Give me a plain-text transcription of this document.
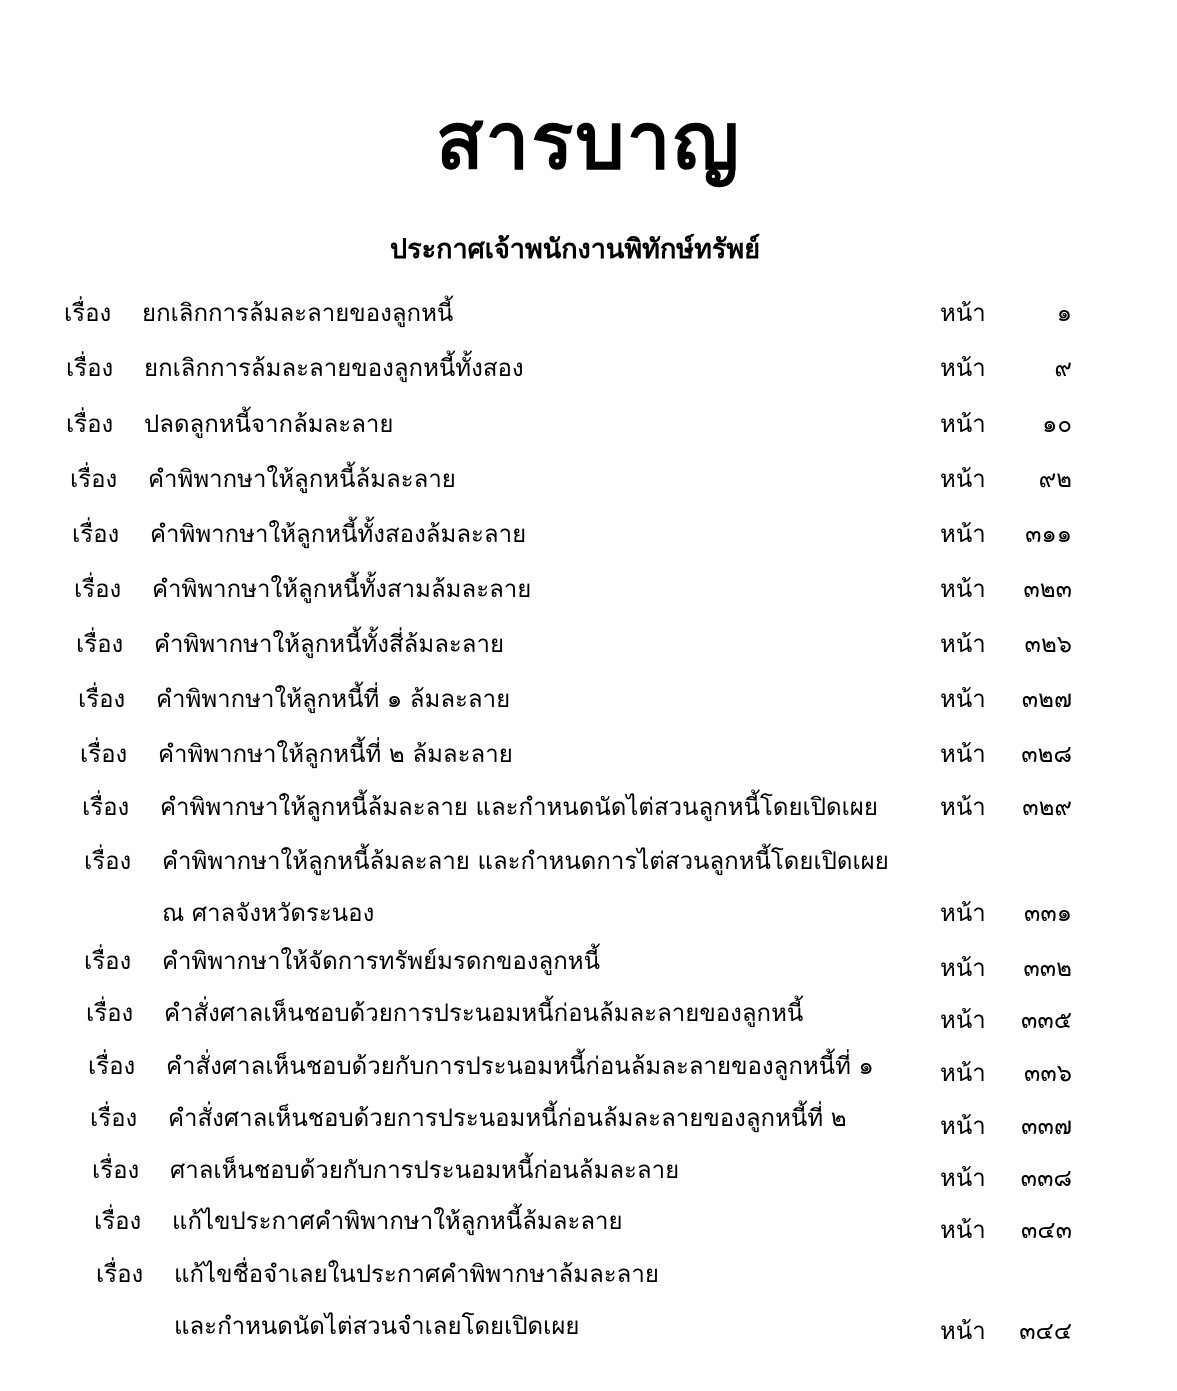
สารบาญ
ประกาศเจ้าพนักงานพิทักษ์ทรัพย์
เรื่อง ยกเลิกการล้มละลายของลูกหนี้	หน้า	๑
เรื่อง ยกเลิกการล้มละลายของลูกหนี้ทั้งสอง	หน้า	๙
เรื่อง ปลดลูกหนี้จากล้มละลาย	หน้า	๑๐
เรื่อง คำพิพากษาให้ลูกหนี้ล้มละลาย	หน้า	๙๒
เรื่อง คำพิพากษาให้ลูกหนี้ทั้งสองล้มละลาย	หน้า	๓๑๑
เรื่อง คำพิพากษาให้ลูกหนี้ทั้งสามล้มละลาย	หน้า	๓๒๓
เรื่อง คำพิพากษาให้ลูกหนี้ทั้งสี่ล้มละลาย	หน้า	๓๒๖
เรื่อง คำพิพากษาให้ลูกหนี้ที่ ๑ ล้มละลาย	หน้า	๓๒๗
เรื่อง คำพิพากษาให้ลูกหนี้ที่ ๒ ล้มละลาย	หน้า	๓๒๘
เรื่อง คำพิพากษาให้ลูกหนี้ล้มละลาย และกำหนดนัดไต่สวนลูกหนี้โดยเปิดเผย	หน้า	๓๒๙
เรื่อง คำพิพากษาให้ลูกหนี้ล้มละลาย และกำหนดการไต่สวนลูกหนี้โดยเปิดเผย
ณ ศาลจังหวัดระนอง	หน้า	๓๓๑
เรื่อง คำพิพากษาให้จัดการทรัพย์มรดกของลูกหนี้	หน้า	๓๓๒
เรื่อง คำสั่งศาลเห็นชอบด้วยการประนอมหนี้ก่อนล้มละลายของลูกหนี้	หน้า	๓๓๕
เรื่อง คำสั่งศาลเห็นชอบด้วยกับการประนอมหนี้ก่อนล้มละลายของลูกหนี้ที่ ๑	หน้า	๓๓๖
เรื่อง คำสั่งศาลเห็นชอบด้วยการประนอมหนี้ก่อนล้มละลายของลูกหนี้ที่ ๒	หน้า	๓๓๗
เรื่อง ศาลเห็นชอบด้วยกับการประนอมหนี้ก่อนล้มละลาย	หน้า	๓๓๘
เรื่อง แก้ไขประกาศคำพิพากษาให้ลูกหนี้ล้มละลาย	หน้า	๓๔๓
เรื่อง แก้ไขชื่อจำเลยในประกาศคำพิพากษาล้มละลาย
และกำหนดนัดไต่สวนจำเลยโดยเปิดเผย	หน้า	๓๔๔
